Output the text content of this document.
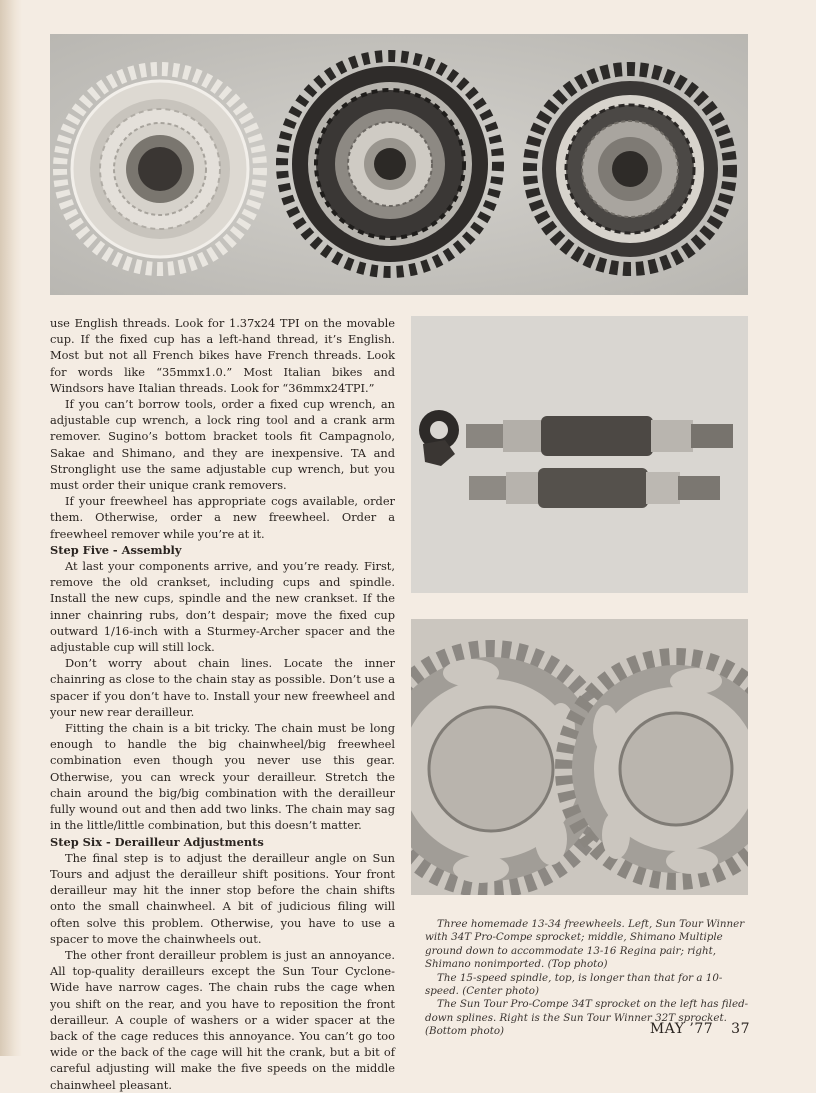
use English threads. Look for 1.37x24 TPI on the movable cup. If the fixed cup has a left-hand thread, it’s English. Most but not all French bikes have French threads. Look for words like “35mmx1.0.” Most Italian bikes and Windsors have Italian threads. Look for “36mmx24TPI.”

If you can’t borrow tools, order a fixed cup wrench, an adjustable cup wrench, a lock ring tool and a crank arm remover. Sugino’s bottom bracket tools fit Campagnolo, Sakae and Shimano, and they are inexpensive. TA and Stronglight use the same adjustable cup wrench, but you must order their unique crank removers.

If your freewheel has appropriate cogs available, order them. Otherwise, order a new freewheel. Order a freewheel remover while you’re at it.

Step Five - Assembly

At last your components arrive, and you’re ready. First, remove the old crankset, including cups and spindle. Install the new cups, spindle and the new crankset. If the inner chainring rubs, don’t despair; move the fixed cup outward 1/16-inch with a Sturmey-Archer spacer and the adjustable cup will still lock.

Don’t worry about chain lines. Locate the inner chainring as close to the chain stay as possible. Don’t use a spacer if you don’t have to. Install your new freewheel and your new rear derailleur.

Fitting the chain is a bit tricky. The chain must be long enough to handle the big chainwheel/big freewheel combination even though you never use this gear. Otherwise, you can wreck your derailleur. Stretch the chain around the big/big combination with the derailleur fully wound out and then add two links. The chain may sag in the little/little combination, but this doesn’t matter.

Step Six - Derailleur Adjustments

The final step is to adjust the derailleur angle on Sun Tours and adjust the derailleur shift positions. Your front derailleur may hit the inner stop before the chain shifts onto the small chainwheel. A bit of judicious filing will often solve this problem. Otherwise, you have to use a spacer to move the chainwheels out.

The other front derailleur problem is just an annoyance. All top-quality derailleurs except the Sun Tour Cyclone-Wide have narrow cages. The chain rubs the cage when you shift on the rear, and you have to reposition the front derailleur. A couple of washers or a wider spacer at the back of the cage reduces this annoyance. You can’t go too wide or the back of the cage will hit the crank, but a bit of careful adjusting will make the five speeds on the middle chainwheel pleasant.

Three homemade 13-34 freewheels. Left, Sun Tour Winner with 34T Pro-Compe sprocket; middle, Shimano Multiple ground down to accommodate 13-16 Regina pair; right, Shimano nonimported. (Top photo)

The 15-speed spindle, top, is longer than that for a 10-speed. (Center photo)

The Sun Tour Pro-Compe 34T sprocket on the left has filed-down splines. Right is the Sun Tour Winner 32T sprocket. (Bottom photo)	MAY ’77 37
